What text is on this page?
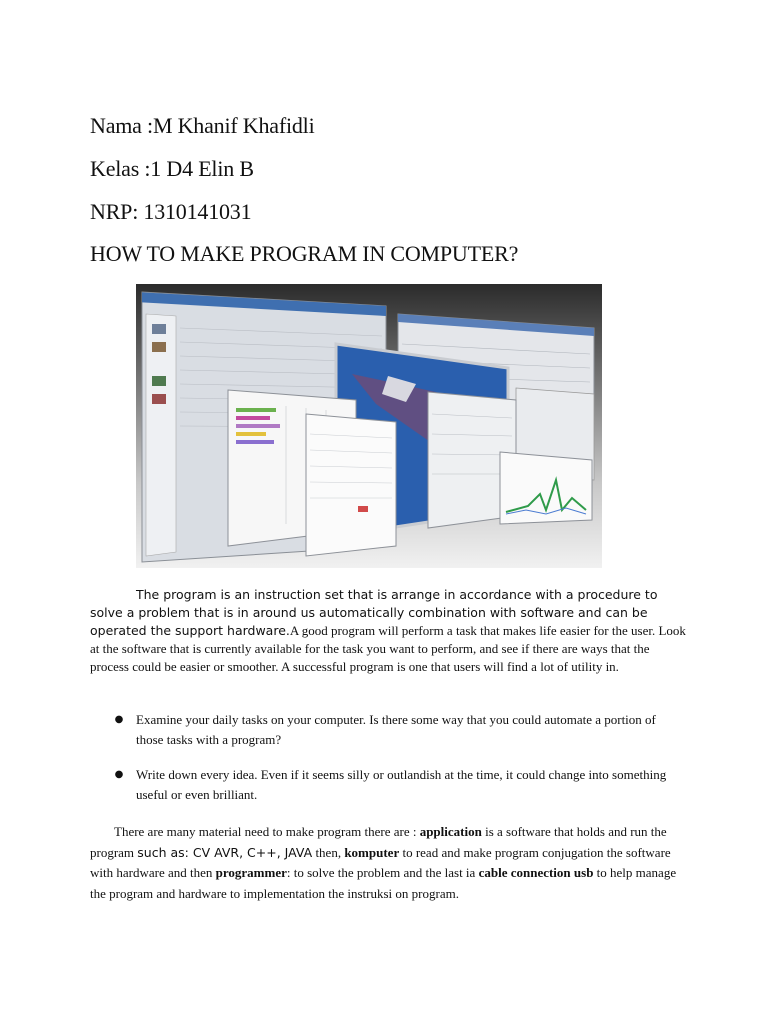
Nama :M Khanif Khafidli
Kelas :1 D4 Elin B
NRP: 1310141031
HOW TO MAKE PROGRAM IN COMPUTER?
The program is an instruction set that is arrange in accordance with a procedure to solve a problem that is in around us automatically combination with software and can be operated the support hardware.A good program will perform a task that makes life easier for the user. Look at the software that is currently available for the task you want to perform, and see if there are ways that the process could be easier or smoother. A successful program is one that users will find a lot of utility in.
● Examine your daily tasks on your computer. Is there some way that you could automate a portion of those tasks with a program?
● Write down every idea. Even if it seems silly or outlandish at the time, it could change into something useful or even brilliant.
There are many material need to make program there are : application is a software that holds and run the program such as: CV AVR, C++, JAVA then, komputer to read and make program conjugation the software with hardware and then programmer: to solve the problem and the last ia cable connection usb to help manage the program and hardware to implementation the instruksi on program.
